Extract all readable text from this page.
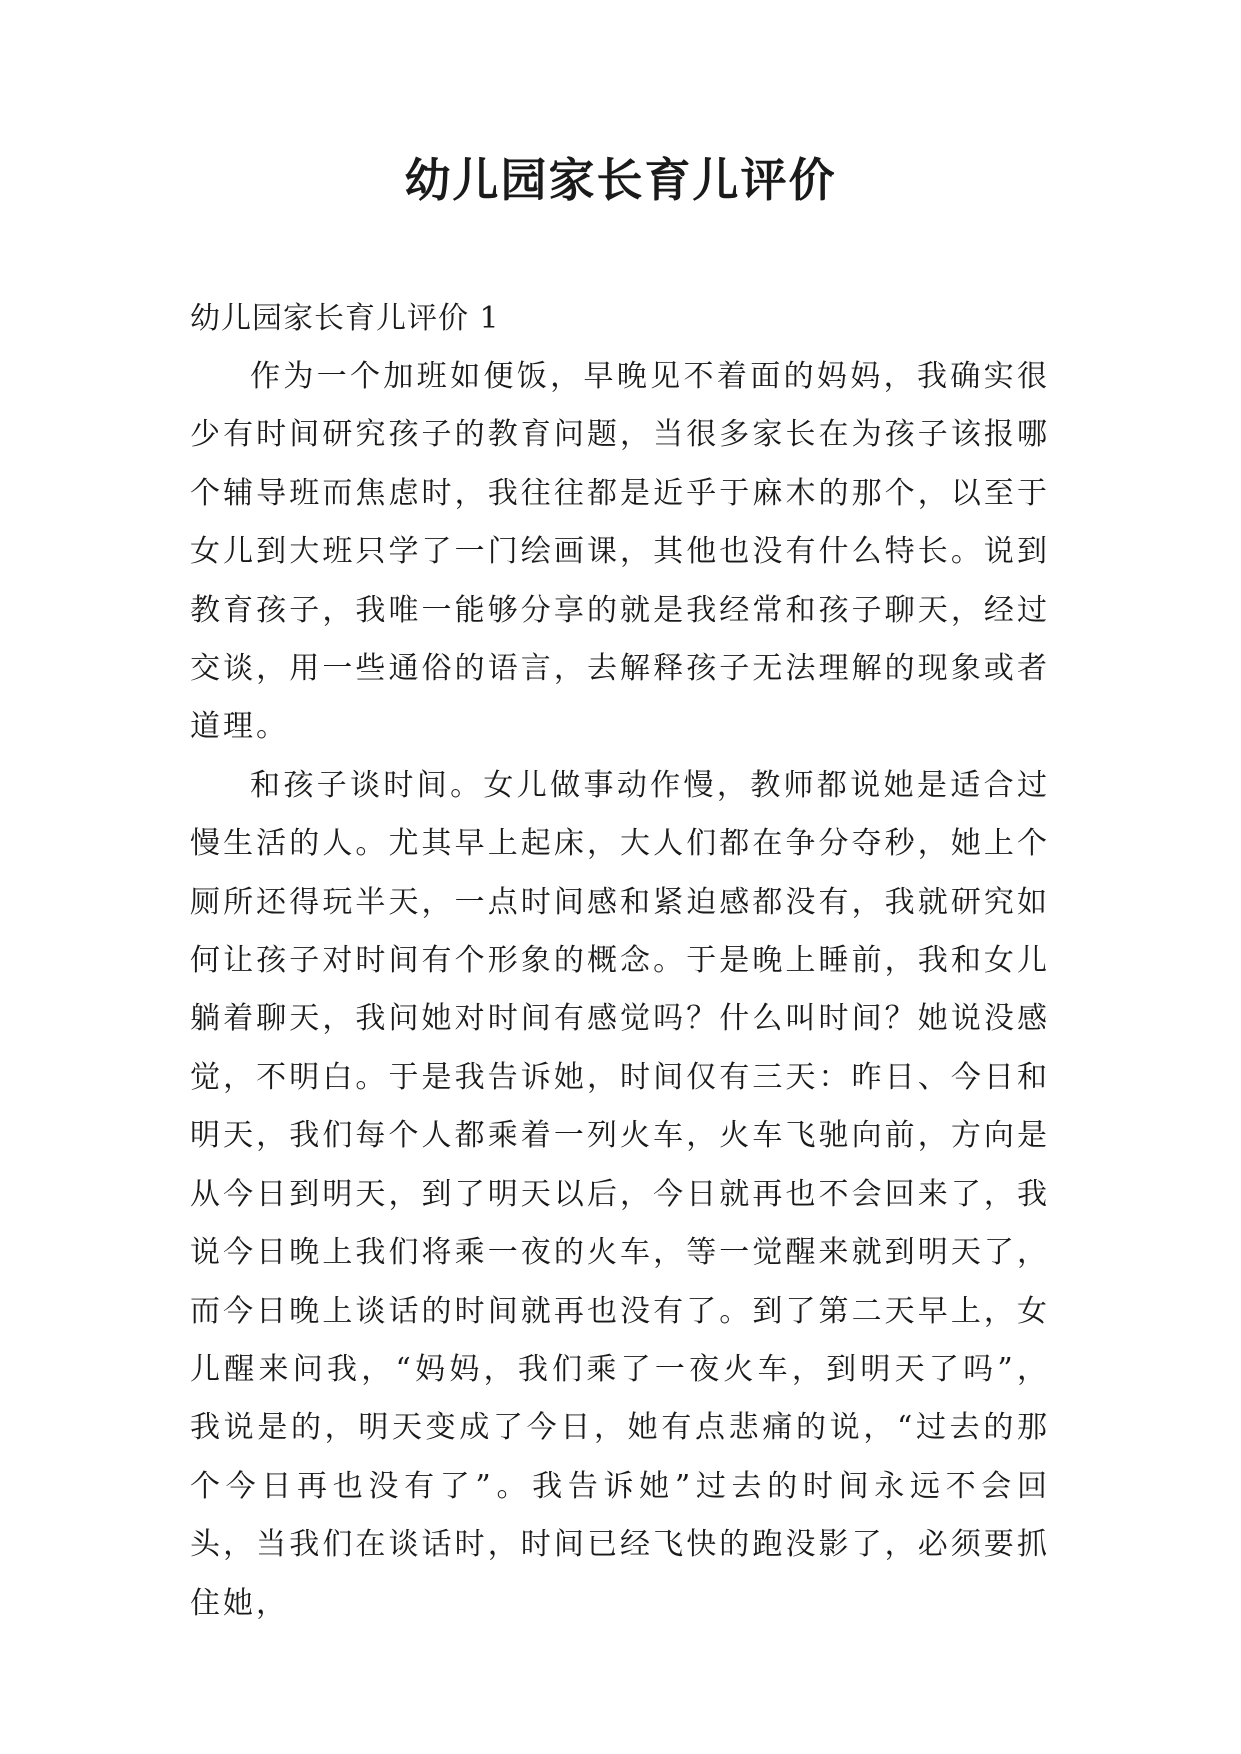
幼儿园家长育儿评价

幼儿园家长育儿评价 1

作为一个加班如便饭，早晚见不着面的妈妈，我确实很少有时间研究孩子的教育问题，当很多家长在为孩子该报哪个辅导班而焦虑时，我往往都是近乎于麻木的那个，以至于女儿到大班只学了一门绘画课，其他也没有什么特长。说到教育孩子，我唯一能够分享的就是我经常和孩子聊天，经过交谈，用一些通俗的语言，去解释孩子无法理解的现象或者道理。

和孩子谈时间。女儿做事动作慢，教师都说她是适合过慢生活的人。尤其早上起床，大人们都在争分夺秒，她上个厕所还得玩半天，一点时间感和紧迫感都没有，我就研究如何让孩子对时间有个形象的概念。于是晚上睡前，我和女儿躺着聊天，我问她对时间有感觉吗？什么叫时间？她说没感觉，不明白。于是我告诉她，时间仅有三天：昨日、今日和明天，我们每个人都乘着一列火车，火车飞驰向前，方向是从今日到明天，到了明天以后，今日就再也不会回来了，我说今日晚上我们将乘一夜的火车，等一觉醒来就到明天了，而今日晚上谈话的时间就再也没有了。到了第二天早上，女儿醒来问我，“妈妈，我们乘了一夜火车，到明天了吗”，我说是的，明天变成了今日，她有点悲痛的说，“过去的那个今日再也没有了”。我告诉她”过去的时间永远不会回头，当我们在谈话时，时间已经飞快的跑没影了，必须要抓住她，
